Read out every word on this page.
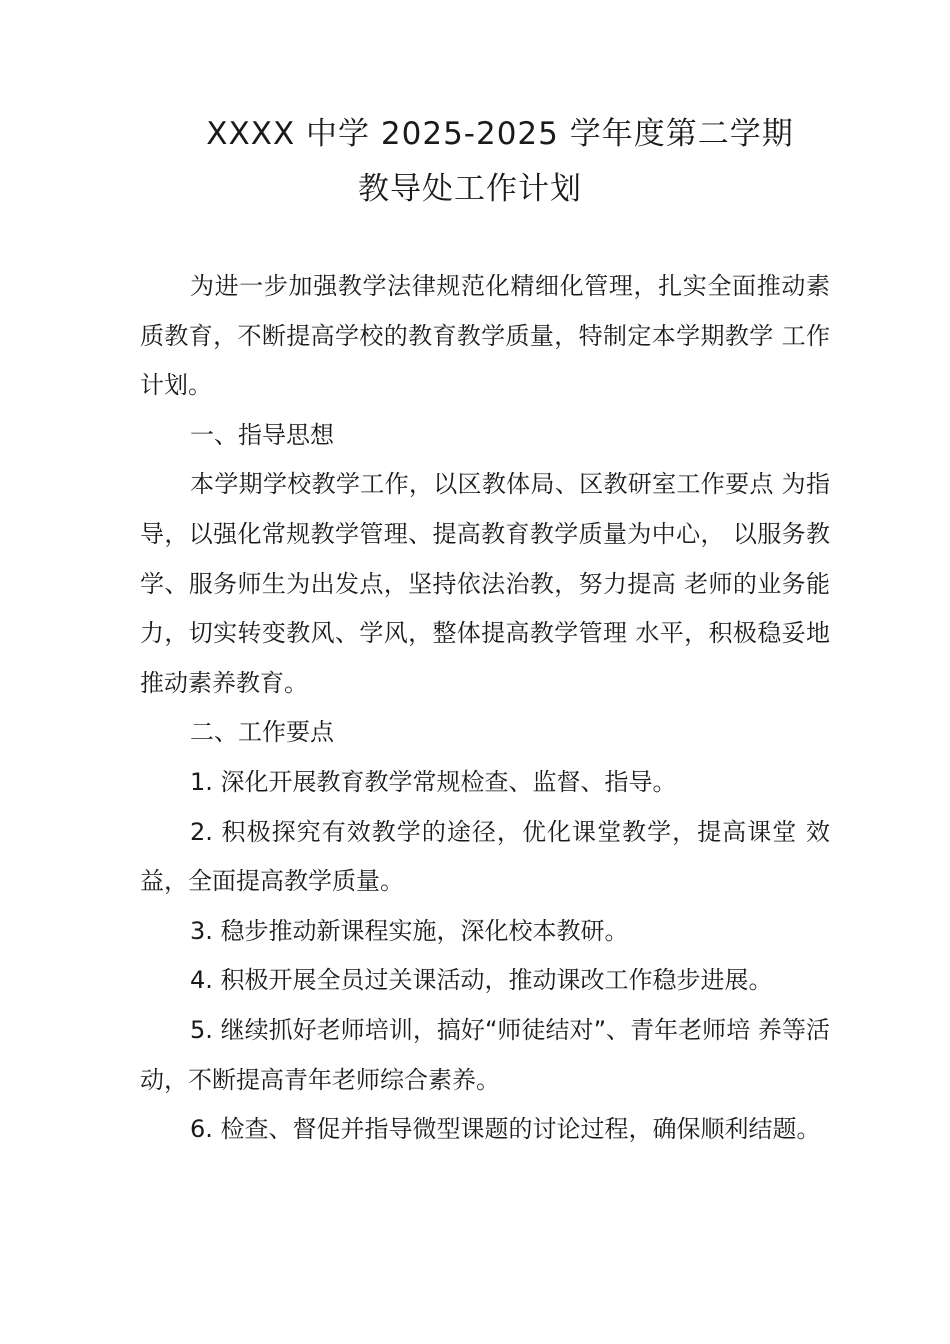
XXXX 中学 2025-2025 学年度第二学期
教导处工作计划

为进一步加强教学法律规范化精细化管理，扎实全面推动素质教育，不断提高学校的教育教学质量，特制定本学期教学 工作计划。

一、指导思想

本学期学校教学工作，以区教体局、区教研室工作要点 为指导，以强化常规教学管理、提高教育教学质量为中心， 以服务教学、服务师生为出发点，坚持依法治教，努力提高 老师的业务能力，切实转变教风、学风，整体提高教学管理 水平，积极稳妥地推动素养教育。

二、工作要点

1. 深化开展教育教学常规检查、监督、指导。

2. 积极探究有效教学的途径，优化课堂教学，提高课堂 效益，全面提高教学质量。

3. 稳步推动新课程实施，深化校本教研。

4. 积极开展全员过关课活动，推动课改工作稳步进展。

5. 继续抓好老师培训，搞好“师徒结对”、青年老师培 养等活动，不断提高青年老师综合素养。

6. 检查、督促并指导微型课题的讨论过程，确保顺利结题。
